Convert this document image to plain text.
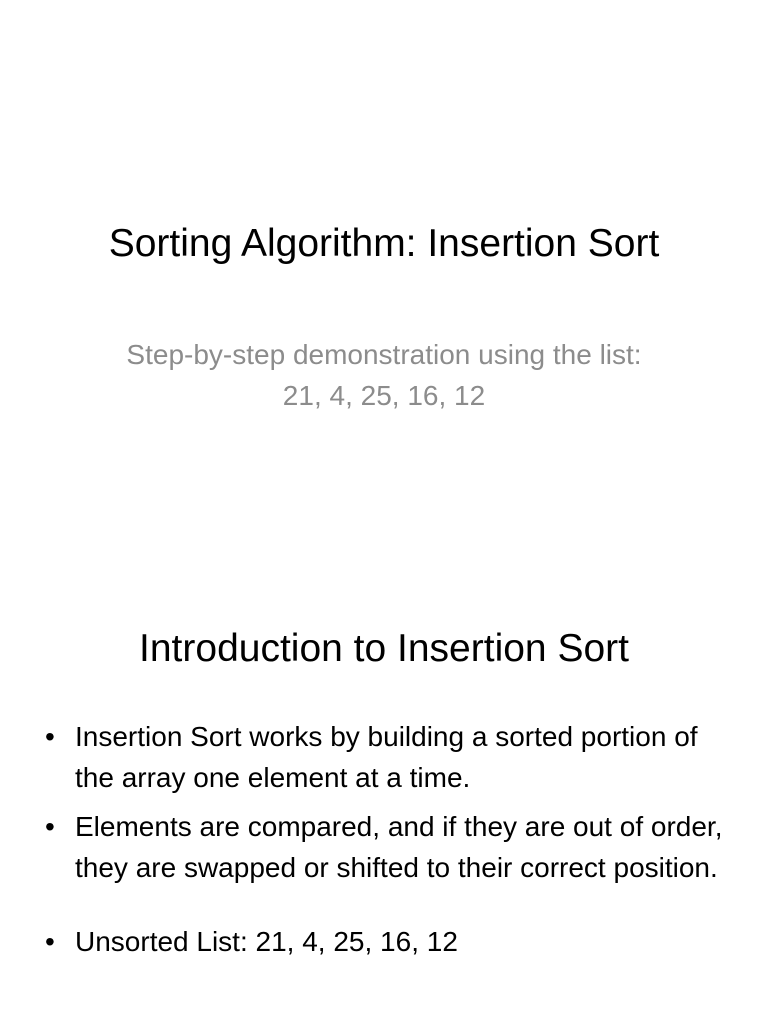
Sorting Algorithm: Insertion Sort
Step-by-step demonstration using the list: 21, 4, 25, 16, 12
Introduction to Insertion Sort
• Insertion Sort works by building a sorted portion of the array one element at a time.
• Elements are compared, and if they are out of order, they are swapped or shifted to their correct position.
• Unsorted List: 21, 4, 25, 16, 12
